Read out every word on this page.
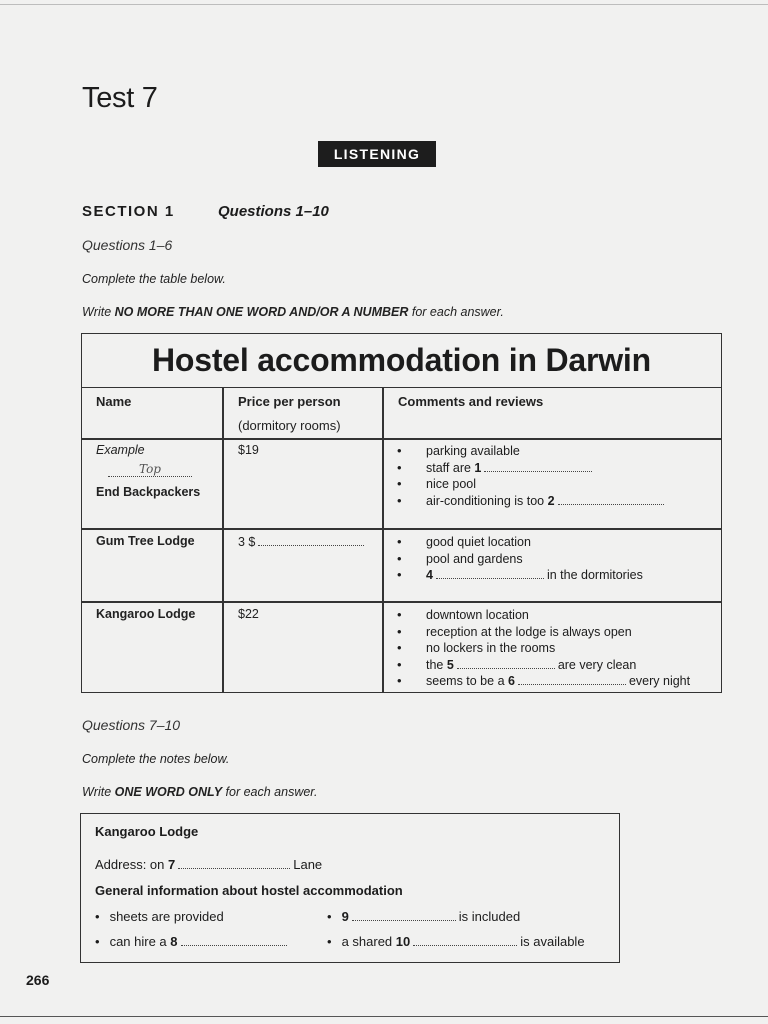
Test 7
LISTENING
SECTION 1	Questions 1–10
Questions 1–6
Complete the table below.
Write NO MORE THAN ONE WORD AND/OR A NUMBER for each answer.
Hostel accommodation in Darwin
Name	Price per person
(dormitory rooms)
Comments and reviews
Example
Top
End Backpackers
$19	• parking available
• staff are 1
• nice pool
• air-conditioning is too 2
Gum Tree Lodge	3 $	• good quiet location
• pool and gardens
• 4	in the dormitories
Kangaroo Lodge	$22	• downtown location
• reception at the lodge is always open
• no lockers in the rooms
• the 5	are very clean
• seems to be a 6	every night
Questions 7–10
Complete the notes below.
Write ONE WORD ONLY for each answer.
Kangaroo Lodge
Address: on 7	Lane
General information about hostel accommodation
• sheets are provided	• 9	is included
• can hire a 8	• a shared 10	is available
266
